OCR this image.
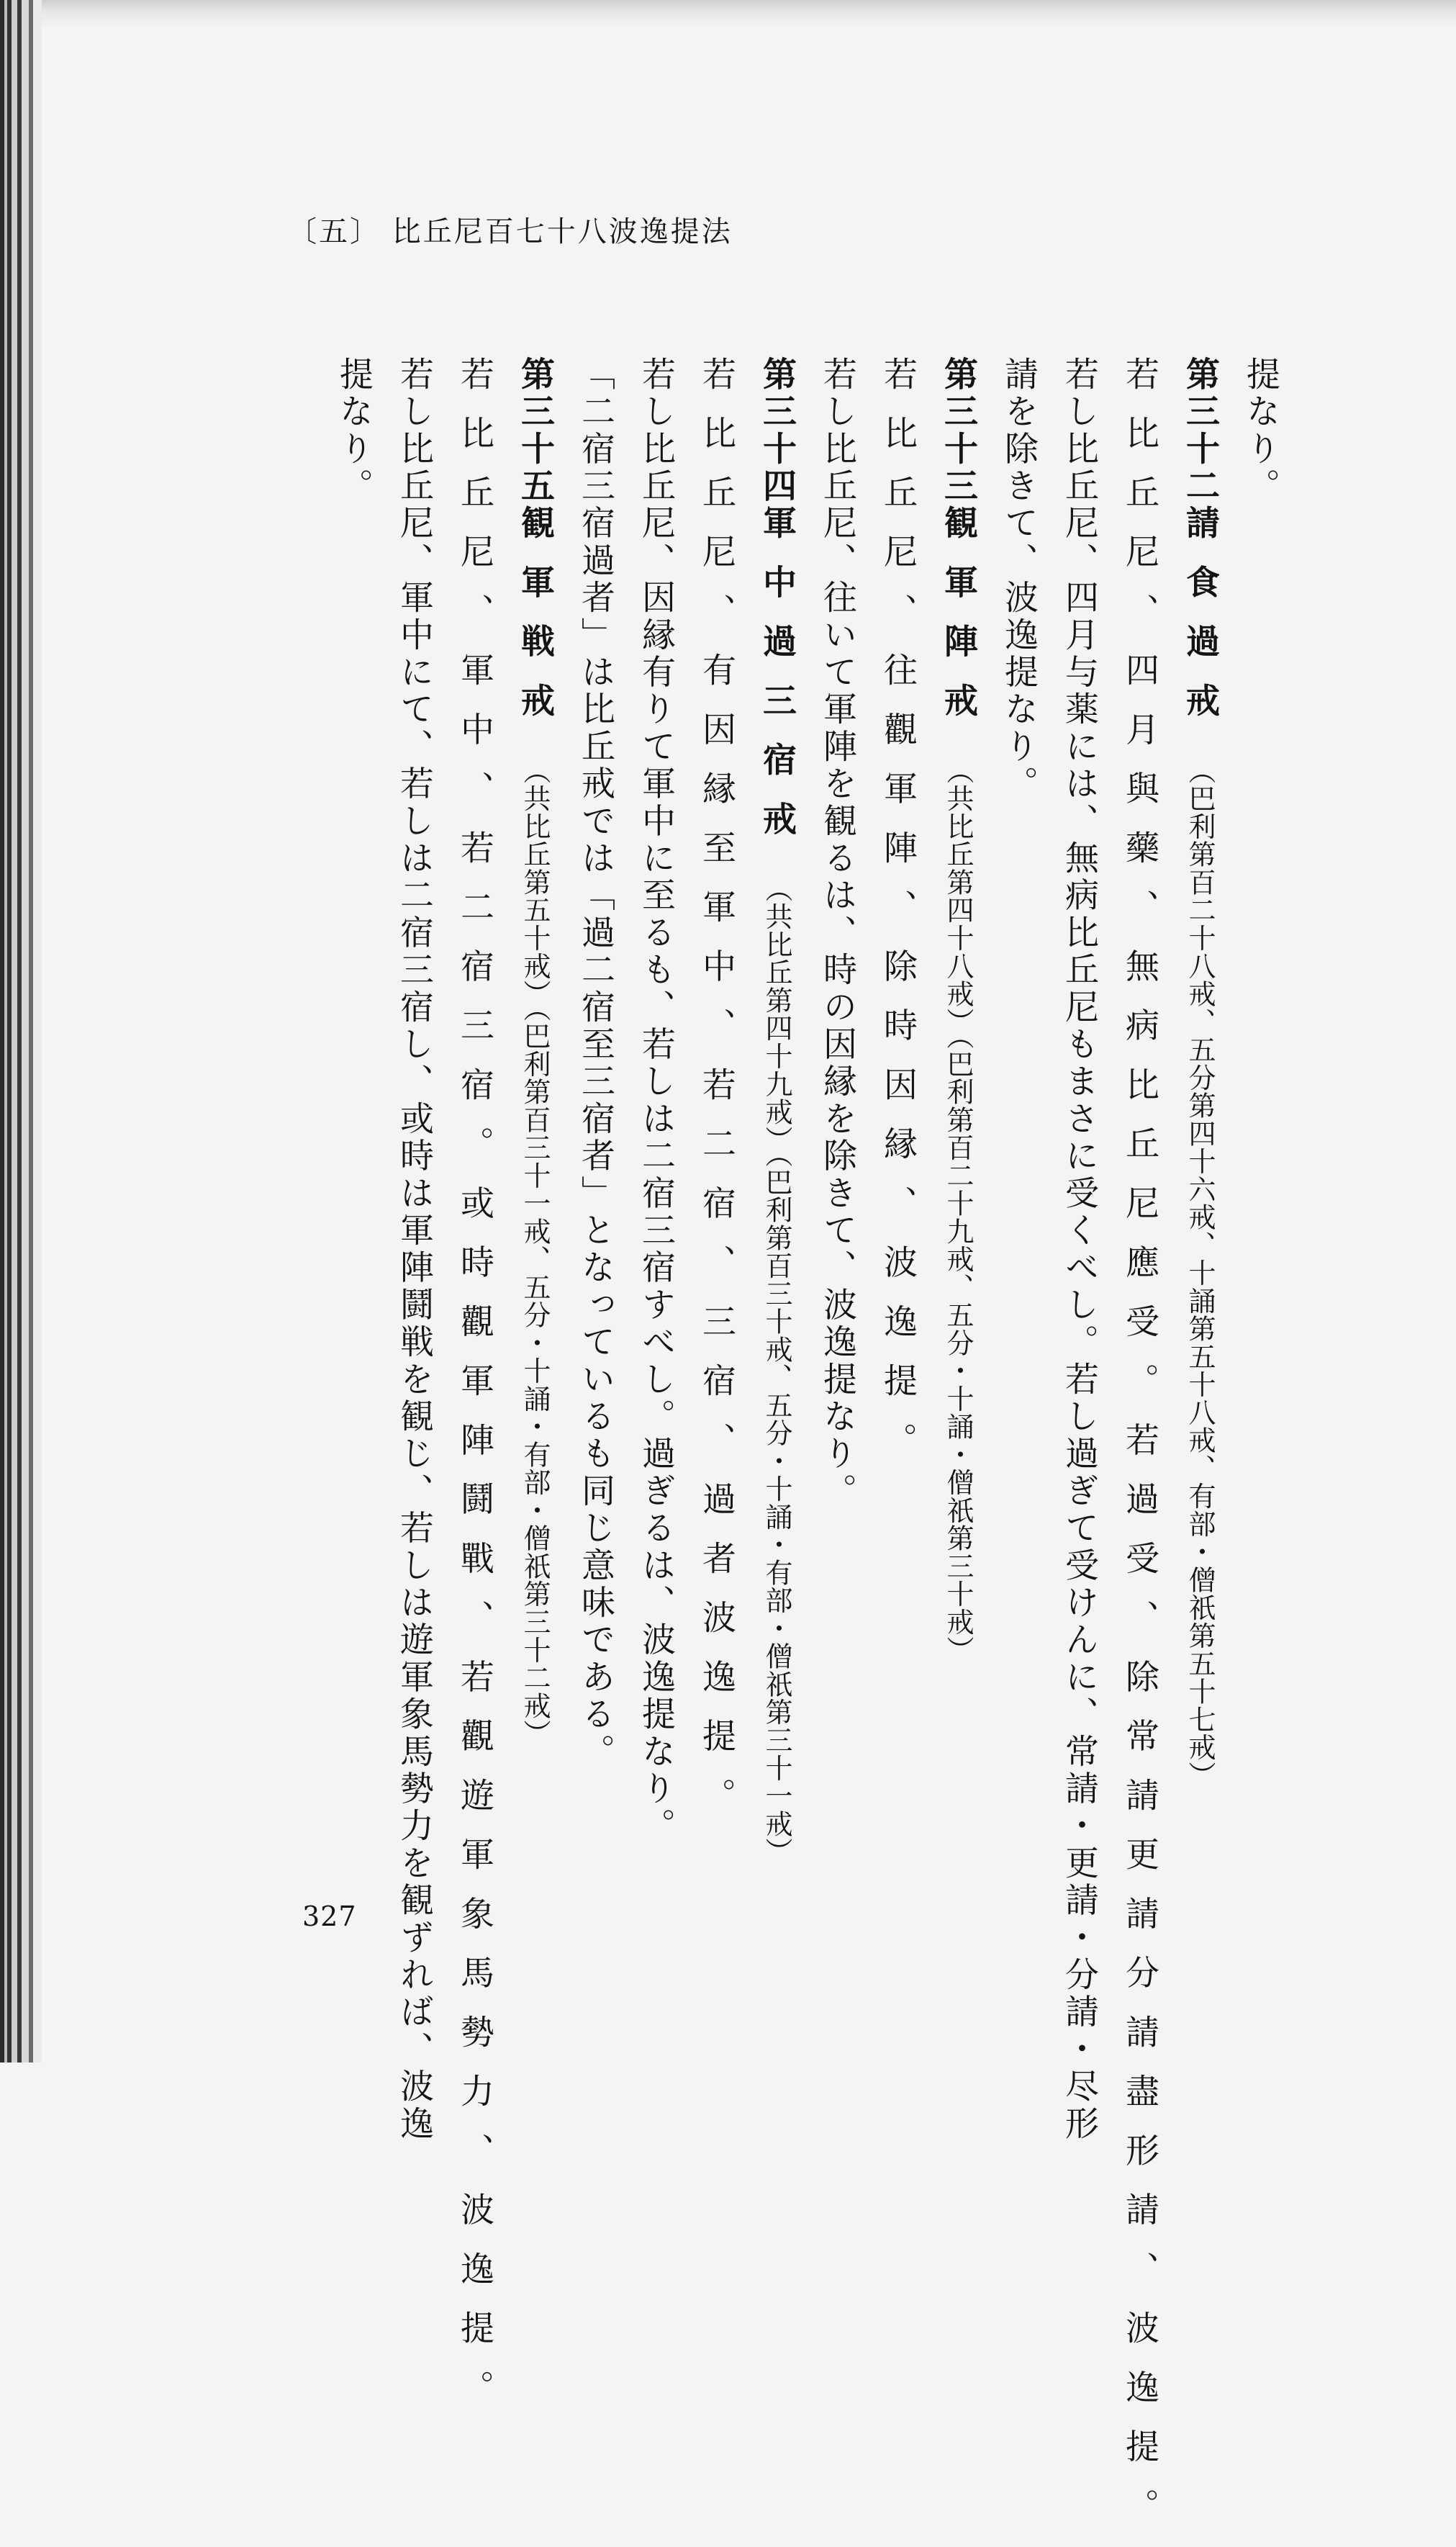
〔五〕 比丘尼百七十八波逸提法
提なり。
第三十二請食過戒（巴利第百二十八戒、五分第四十六戒、十誦第五十八戒、有部・僧祇第五十七戒）
若比丘尼、四月與藥、無病比丘尼應受。若過受、除常請更請分請盡形請、波逸提。
若し比丘尼、四月与薬には、無病比丘尼もまさに受くべし。若し過ぎて受けんに、常請・更請・分請・尽形
請を除きて、波逸提なり。
第三十三観軍陣戒（共比丘第四十八戒）（巴利第百二十九戒、五分・十誦・僧祇第三十戒）
若比丘尼、往觀軍陣、除時因縁、波逸提。
若し比丘尼、往いて軍陣を観るは、時の因縁を除きて、波逸提なり。
第三十四軍中過三宿戒（共比丘第四十九戒）（巴利第百三十戒、五分・十誦・有部・僧祇第三十一戒）
若比丘尼、有因縁至軍中、若二宿、三宿、過者波逸提。
若し比丘尼、因縁有りて軍中に至るも、若しは二宿三宿すべし。過ぎるは、波逸提なり。
「二宿三宿過者」は比丘戒では「過二宿至三宿者」となっているも同じ意味である。
第三十五観軍戦戒（共比丘第五十戒）（巴利第百三十一戒、五分・十誦・有部・僧祇第三十二戒）
若比丘尼、軍中、若二宿三宿。或時觀軍陣鬪戰、若觀遊軍象馬勢力、波逸提。
若し比丘尼、軍中にて、若しは二宿三宿し、或時は軍陣鬪戦を観じ、若しは遊軍象馬勢力を観ずれば、波逸
提なり。

327
